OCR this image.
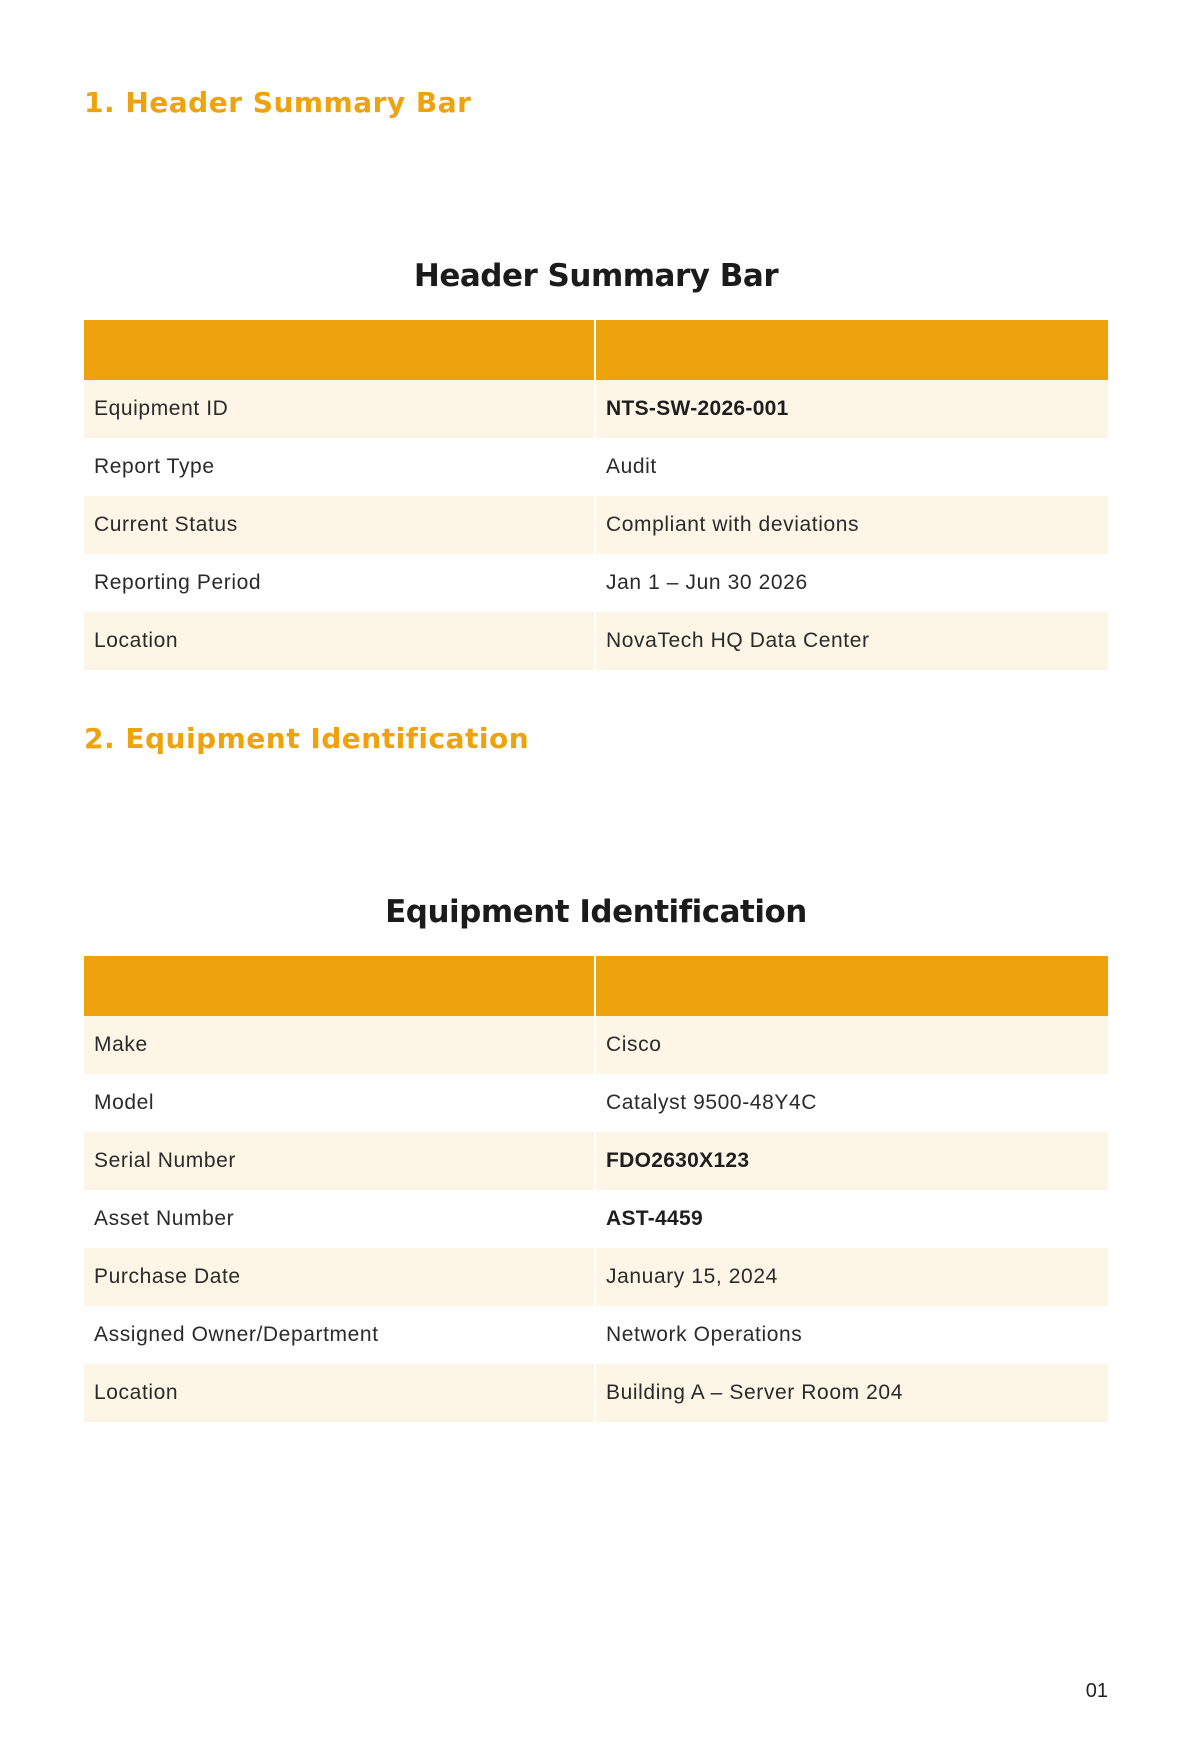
1. Header Summary Bar
Header Summary Bar

Equipment ID	NTS-SW-2026-001
Report Type	Audit
Current Status	Compliant with deviations
Reporting Period	Jan 1 – Jun 30 2026
Location	NovaTech HQ Data Center
2. Equipment Identification
Equipment Identification

Make	Cisco
Model	Catalyst 9500-48Y4C
Serial Number	FDO2630X123
Asset Number	AST-4459
Purchase Date	January 15, 2024
Assigned Owner/Department	Network Operations
Location	Building A – Server Room 204
01
